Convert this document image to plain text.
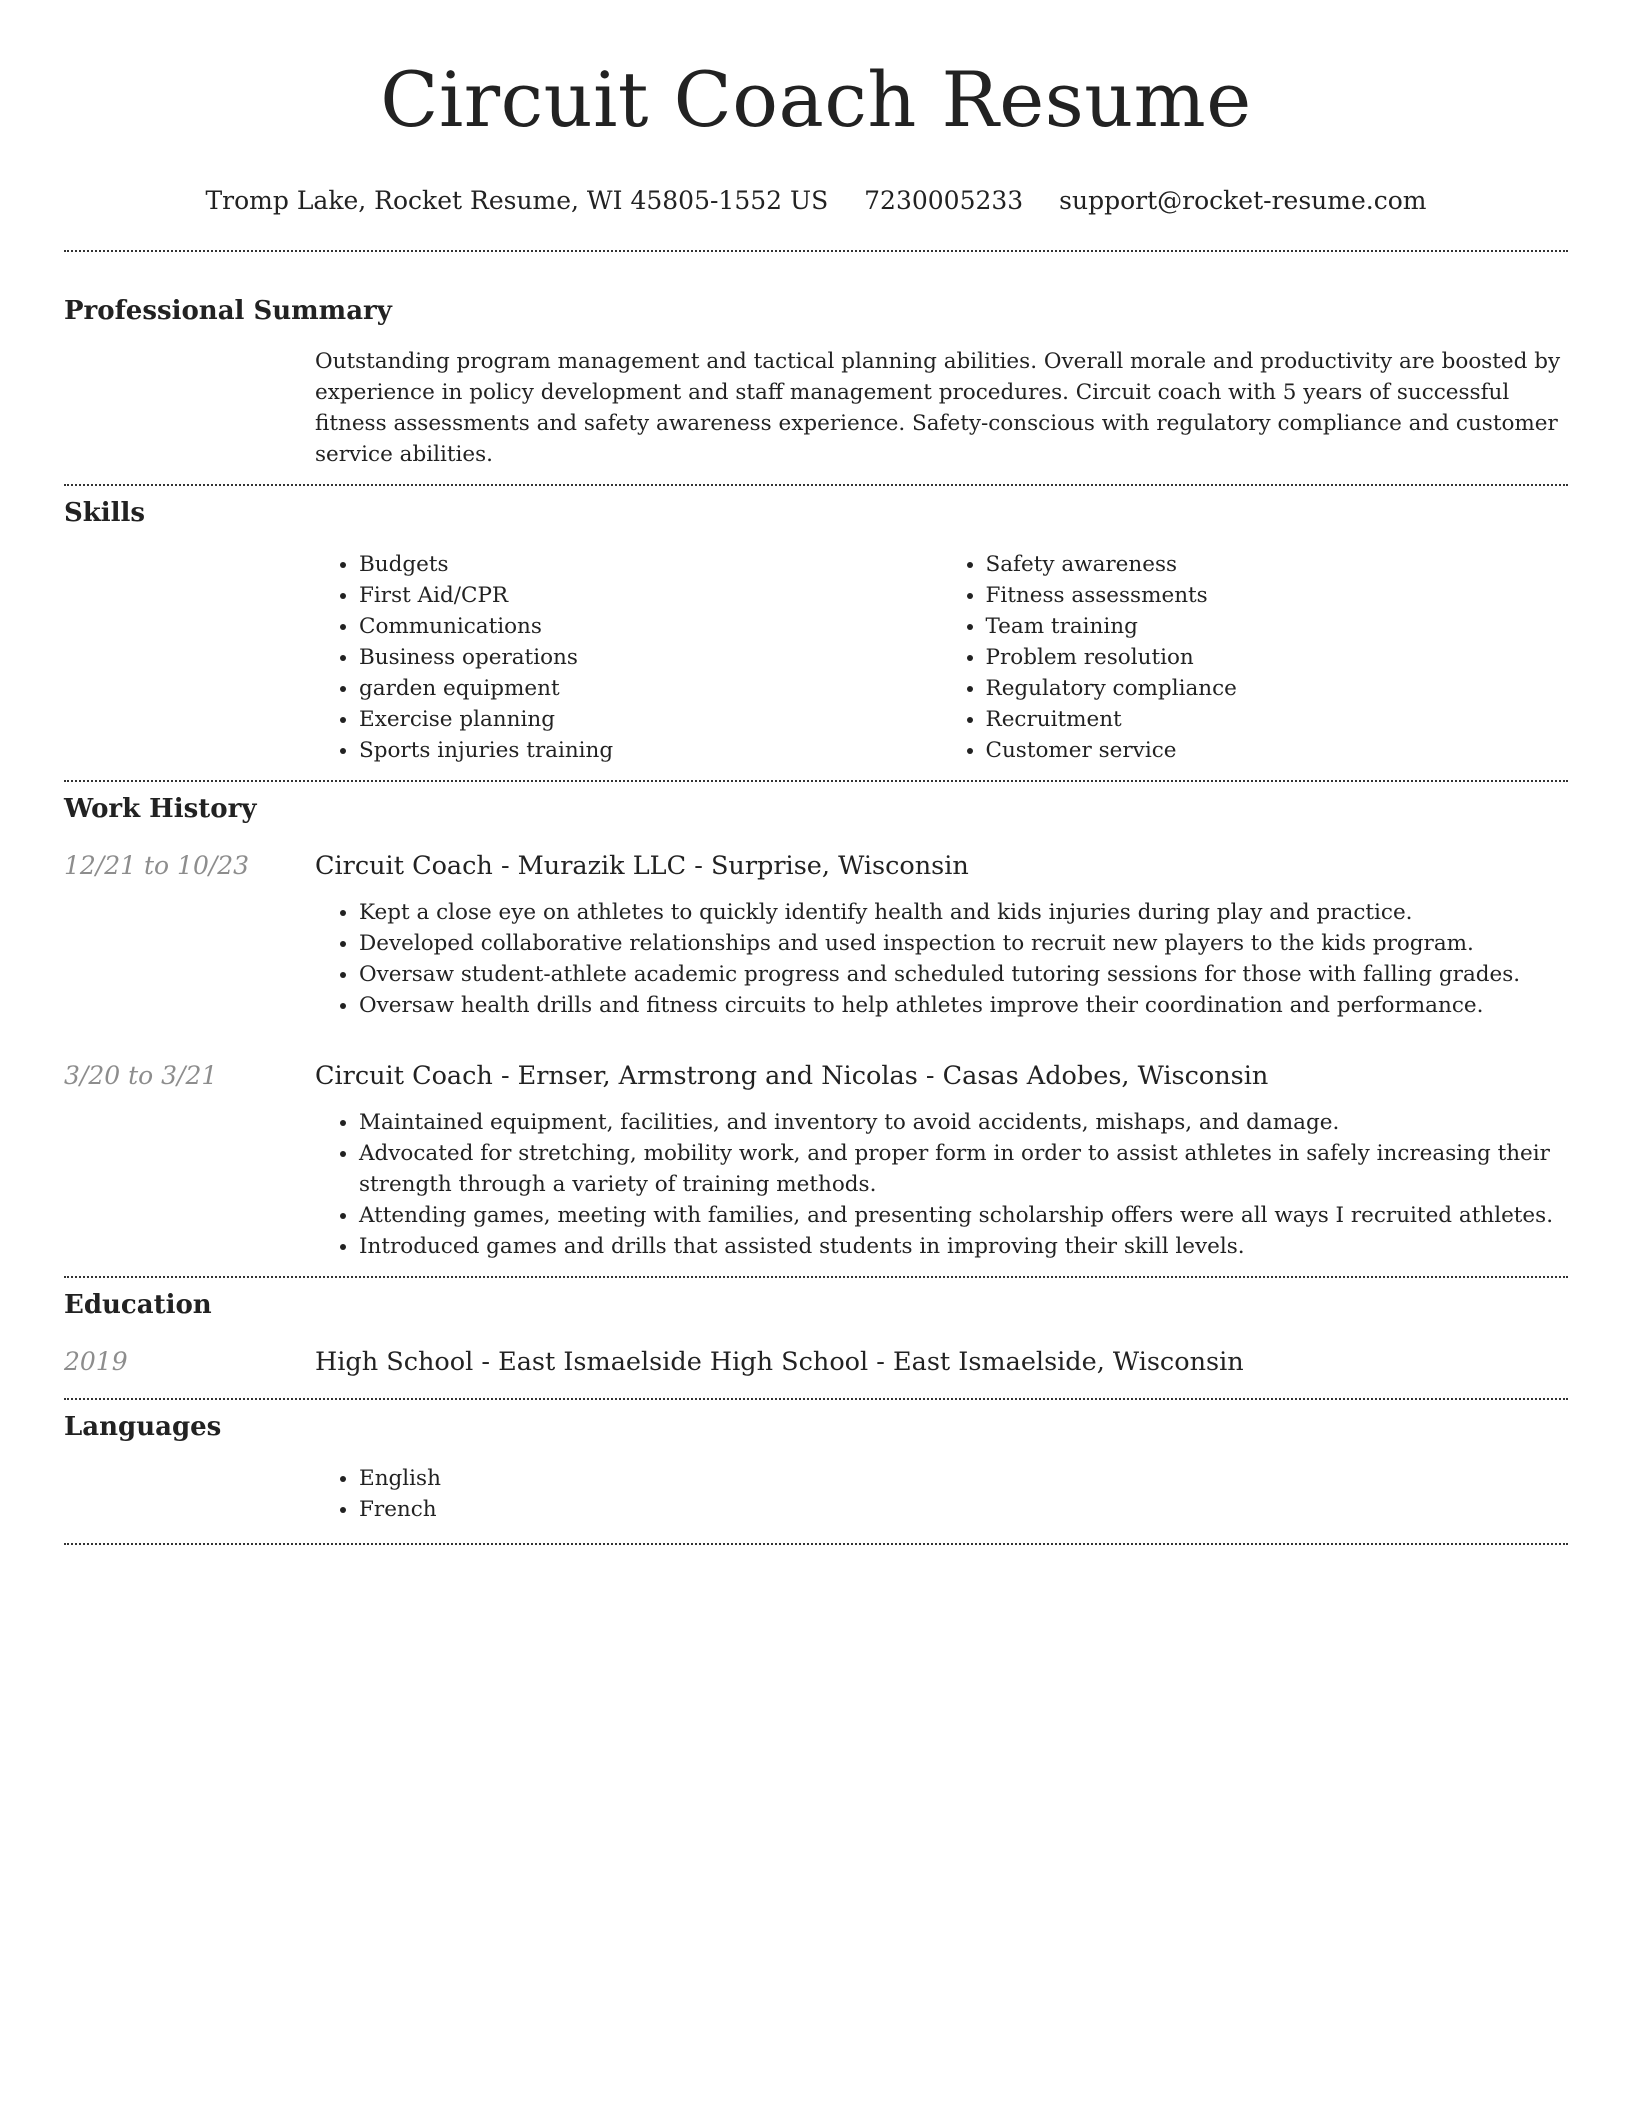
Circuit Coach Resume
Tromp Lake, Rocket Resume, WI 45805-1552 US 7230005233 support@rocket-resume.com
Professional Summary
Outstanding program management and tactical planning abilities. Overall morale and productivity are boosted by experience in policy development and staff management procedures. Circuit coach with 5 years of successful fitness assessments and safety awareness experience. Safety-conscious with regulatory compliance and customer service abilities.
Skills
• Budgets
• First Aid/CPR
• Communications
• Business operations
• garden equipment
• Exercise planning
• Sports injuries training
• Safety awareness
• Fitness assessments
• Team training
• Problem resolution
• Regulatory compliance
• Recruitment
• Customer service
Work History
12/21 to 10/23	Circuit Coach - Murazik LLC - Surprise, Wisconsin
• Kept a close eye on athletes to quickly identify health and kids injuries during play and practice.
• Developed collaborative relationships and used inspection to recruit new players to the kids program.
• Oversaw student-athlete academic progress and scheduled tutoring sessions for those with falling grades.
• Oversaw health drills and fitness circuits to help athletes improve their coordination and performance.
3/20 to 3/21	Circuit Coach - Ernser, Armstrong and Nicolas - Casas Adobes, Wisconsin
• Maintained equipment, facilities, and inventory to avoid accidents, mishaps, and damage.
• Advocated for stretching, mobility work, and proper form in order to assist athletes in safely increasing their strength through a variety of training methods.
• Attending games, meeting with families, and presenting scholarship offers were all ways I recruited athletes.
• Introduced games and drills that assisted students in improving their skill levels.
Education
2019	High School - East Ismaelside High School - East Ismaelside, Wisconsin
Languages
• English
• French
